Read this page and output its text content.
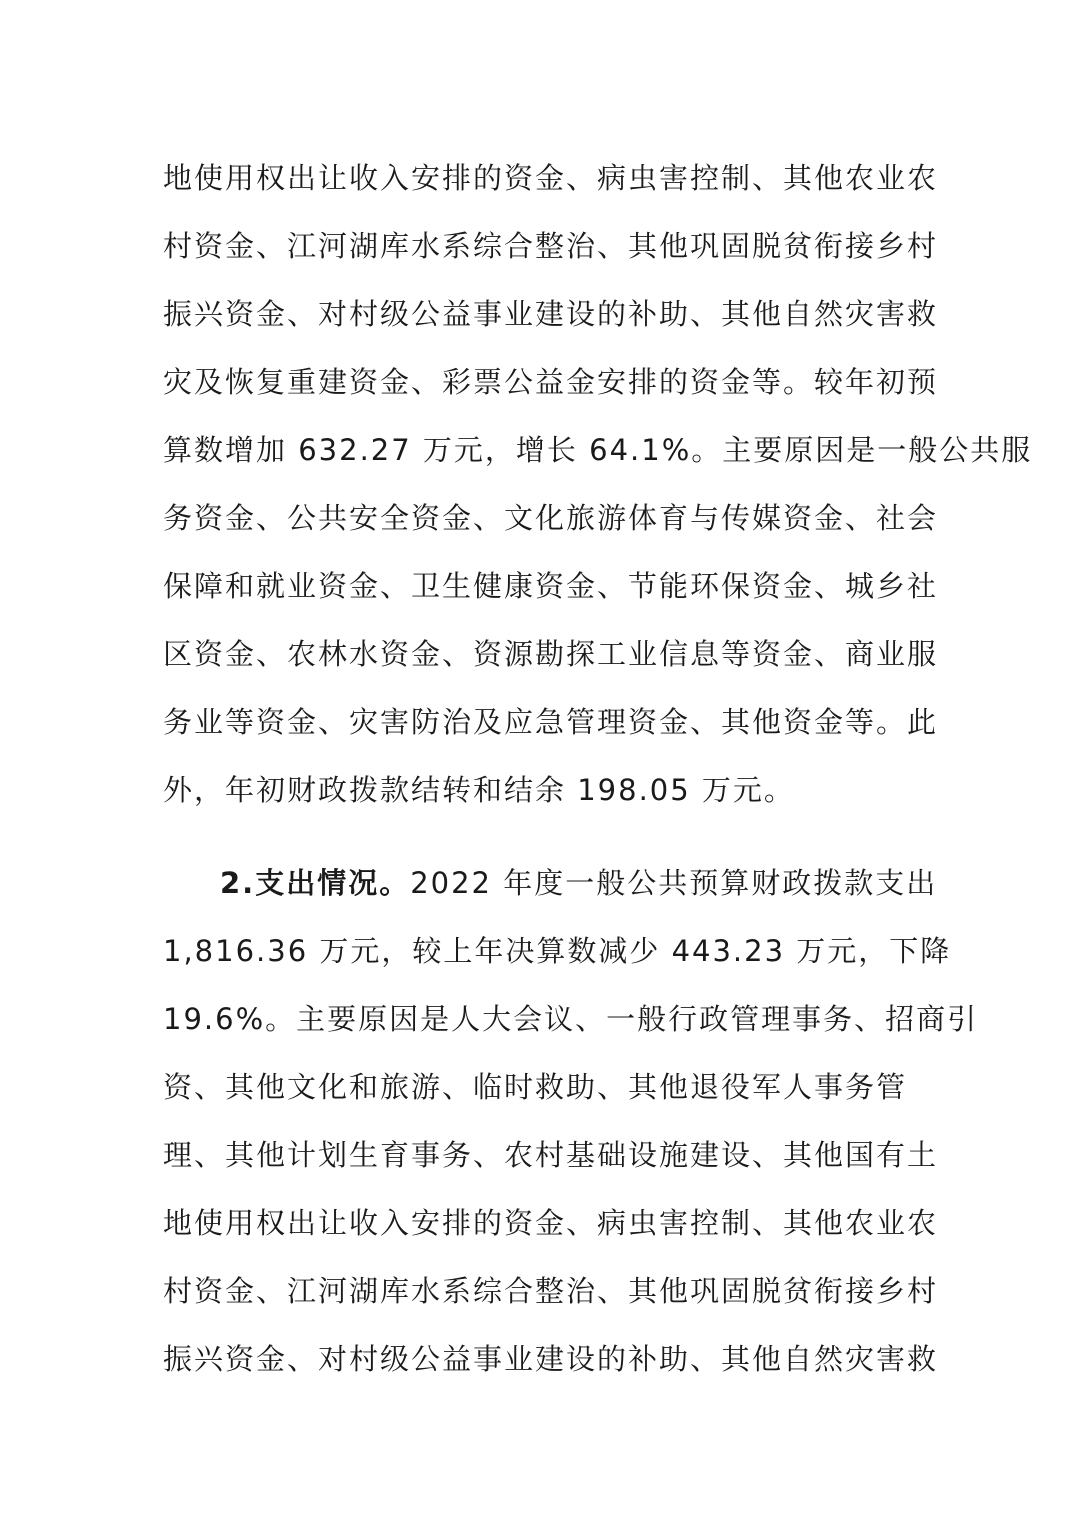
地使用权出让收入安排的资金、病虫害控制、其他农业农

村资金、江河湖库水系综合整治、其他巩固脱贫衔接乡村

振兴资金、对村级公益事业建设的补助、其他自然灾害救

灾及恢复重建资金、彩票公益金安排的资金等。较年初预

算数增加 632.27 万元，增长 64.1%。主要原因是一般公共服

务资金、公共安全资金、文化旅游体育与传媒资金、社会

保障和就业资金、卫生健康资金、节能环保资金、城乡社

区资金、农林水资金、资源勘探工业信息等资金、商业服

务业等资金、灾害防治及应急管理资金、其他资金等。此

外，年初财政拨款结转和结余 198.05 万元。

2.支出情况。2022 年度一般公共预算财政拨款支出

1,816.36 万元，较上年决算数减少 443.23 万元，下降

19.6%。主要原因是人大会议、一般行政管理事务、招商引

资、其他文化和旅游、临时救助、其他退役军人事务管

理、其他计划生育事务、农村基础设施建设、其他国有土

地使用权出让收入安排的资金、病虫害控制、其他农业农

村资金、江河湖库水系综合整治、其他巩固脱贫衔接乡村

振兴资金、对村级公益事业建设的补助、其他自然灾害救
